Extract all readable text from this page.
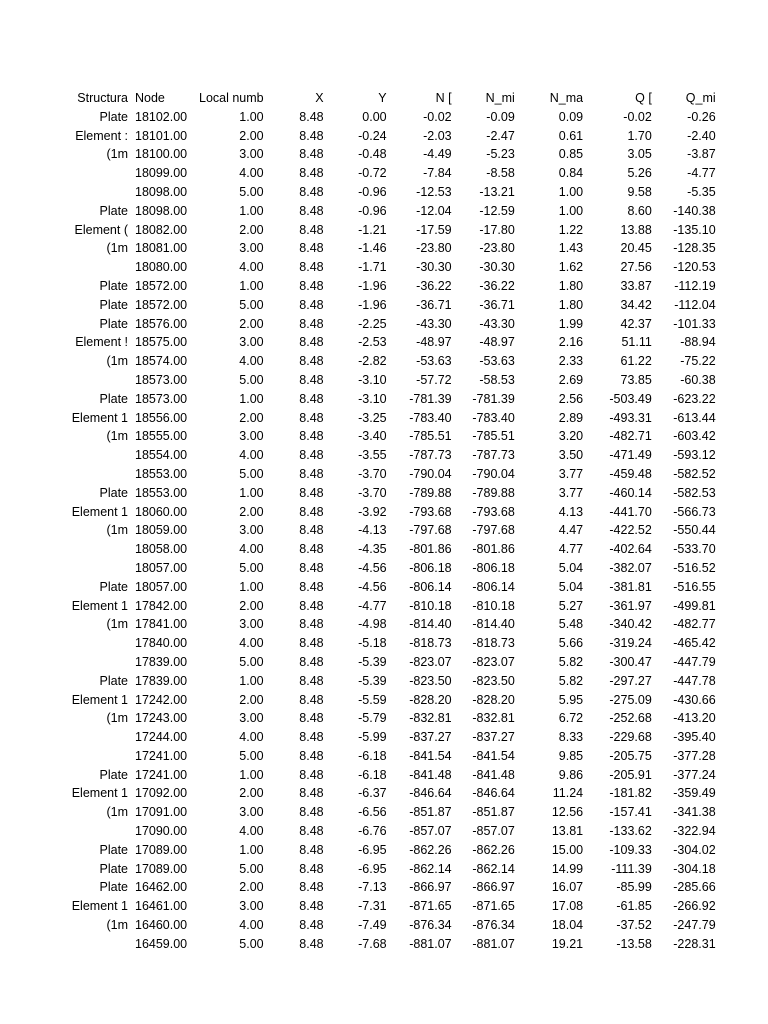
Structura	Node	Local numb	X	Y	N [	N_mi	N_ma	Q [	Q_mi
Plate	18102.00	1.00	8.48	0.00	-0.02	-0.09	0.09	-0.02	-0.26
Element :	18101.00	2.00	8.48	-0.24	-2.03	-2.47	0.61	1.70	-2.40
(1m	18100.00	3.00	8.48	-0.48	-4.49	-5.23	0.85	3.05	-3.87
	18099.00	4.00	8.48	-0.72	-7.84	-8.58	0.84	5.26	-4.77
	18098.00	5.00	8.48	-0.96	-12.53	-13.21	1.00	9.58	-5.35
Plate	18098.00	1.00	8.48	-0.96	-12.04	-12.59	1.00	8.60	-140.38
Element (	18082.00	2.00	8.48	-1.21	-17.59	-17.80	1.22	13.88	-135.10
(1m	18081.00	3.00	8.48	-1.46	-23.80	-23.80	1.43	20.45	-128.35
	18080.00	4.00	8.48	-1.71	-30.30	-30.30	1.62	27.56	-120.53
Plate	18572.00	1.00	8.48	-1.96	-36.22	-36.22	1.80	33.87	-112.19
Plate	18572.00	5.00	8.48	-1.96	-36.71	-36.71	1.80	34.42	-112.04
Plate	18576.00	2.00	8.48	-2.25	-43.30	-43.30	1.99	42.37	-101.33
Element !	18575.00	3.00	8.48	-2.53	-48.97	-48.97	2.16	51.11	-88.94
(1m	18574.00	4.00	8.48	-2.82	-53.63	-53.63	2.33	61.22	-75.22
	18573.00	5.00	8.48	-3.10	-57.72	-58.53	2.69	73.85	-60.38
Plate	18573.00	1.00	8.48	-3.10	-781.39	-781.39	2.56	-503.49	-623.22
Element 1	18556.00	2.00	8.48	-3.25	-783.40	-783.40	2.89	-493.31	-613.44
(1m	18555.00	3.00	8.48	-3.40	-785.51	-785.51	3.20	-482.71	-603.42
	18554.00	4.00	8.48	-3.55	-787.73	-787.73	3.50	-471.49	-593.12
	18553.00	5.00	8.48	-3.70	-790.04	-790.04	3.77	-459.48	-582.52
Plate	18553.00	1.00	8.48	-3.70	-789.88	-789.88	3.77	-460.14	-582.53
Element 1	18060.00	2.00	8.48	-3.92	-793.68	-793.68	4.13	-441.70	-566.73
(1m	18059.00	3.00	8.48	-4.13	-797.68	-797.68	4.47	-422.52	-550.44
	18058.00	4.00	8.48	-4.35	-801.86	-801.86	4.77	-402.64	-533.70
	18057.00	5.00	8.48	-4.56	-806.18	-806.18	5.04	-382.07	-516.52
Plate	18057.00	1.00	8.48	-4.56	-806.14	-806.14	5.04	-381.81	-516.55
Element 1	17842.00	2.00	8.48	-4.77	-810.18	-810.18	5.27	-361.97	-499.81
(1m	17841.00	3.00	8.48	-4.98	-814.40	-814.40	5.48	-340.42	-482.77
	17840.00	4.00	8.48	-5.18	-818.73	-818.73	5.66	-319.24	-465.42
	17839.00	5.00	8.48	-5.39	-823.07	-823.07	5.82	-300.47	-447.79
Plate	17839.00	1.00	8.48	-5.39	-823.50	-823.50	5.82	-297.27	-447.78
Element 1	17242.00	2.00	8.48	-5.59	-828.20	-828.20	5.95	-275.09	-430.66
(1m	17243.00	3.00	8.48	-5.79	-832.81	-832.81	6.72	-252.68	-413.20
	17244.00	4.00	8.48	-5.99	-837.27	-837.27	8.33	-229.68	-395.40
	17241.00	5.00	8.48	-6.18	-841.54	-841.54	9.85	-205.75	-377.28
Plate	17241.00	1.00	8.48	-6.18	-841.48	-841.48	9.86	-205.91	-377.24
Element 1	17092.00	2.00	8.48	-6.37	-846.64	-846.64	11.24	-181.82	-359.49
(1m	17091.00	3.00	8.48	-6.56	-851.87	-851.87	12.56	-157.41	-341.38
	17090.00	4.00	8.48	-6.76	-857.07	-857.07	13.81	-133.62	-322.94
Plate	17089.00	1.00	8.48	-6.95	-862.26	-862.26	15.00	-109.33	-304.02
Plate	17089.00	5.00	8.48	-6.95	-862.14	-862.14	14.99	-111.39	-304.18
Plate	16462.00	2.00	8.48	-7.13	-866.97	-866.97	16.07	-85.99	-285.66
Element 1	16461.00	3.00	8.48	-7.31	-871.65	-871.65	17.08	-61.85	-266.92
(1m	16460.00	4.00	8.48	-7.49	-876.34	-876.34	18.04	-37.52	-247.79
	16459.00	5.00	8.48	-7.68	-881.07	-881.07	19.21	-13.58	-228.31
